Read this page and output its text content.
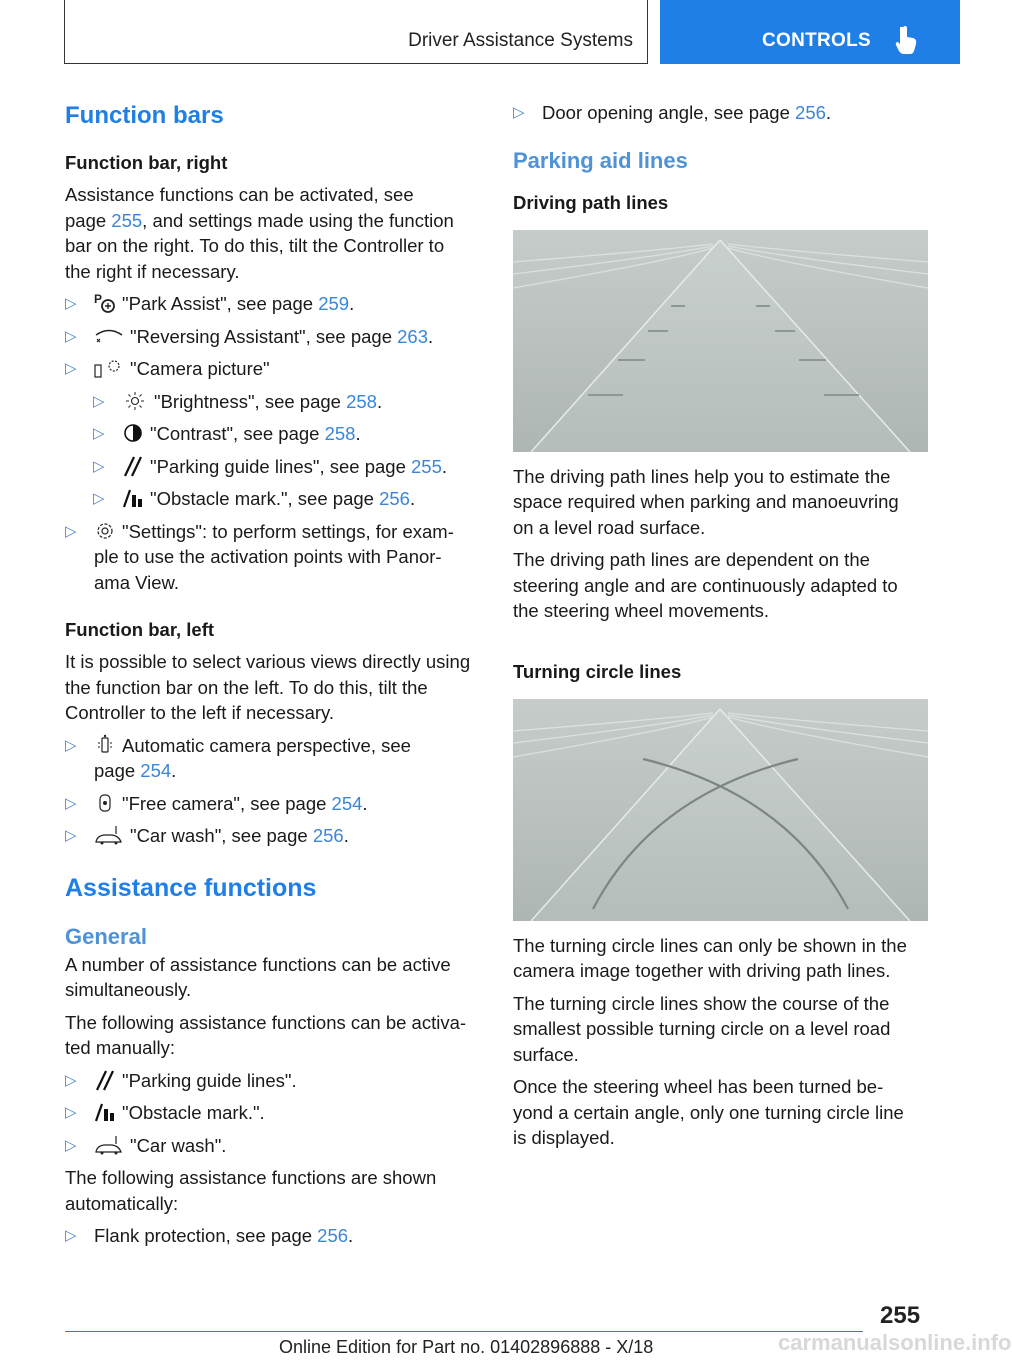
Driver Assistance Systems	CONTROLS
Function bars
Function bar, right

Assistance functions can be activated, see
page 255, and settings made using the function
bar on the right. To do this, tilt the Controller to
the right if necessary.

▷ P "Park Assist", see page 259.
▷	"Reversing Assistant", see page 263.
▷	"Camera picture"
▷	"Brightness", see page 258.
▷ "Contrast", see page 258.
▷ "Parking guide lines", see page 255.
▷ "Obstacle mark.", see page 256.
▷ "Settings": to perform settings, for exam-
ple to use the activation points with Panor-
ama View.
Function bar, left

It is possible to select various views directly using
the function bar on the left. To do this, tilt the
Controller to the left if necessary.

▷ Automatic camera perspective, see
page 254.
▷ "Free camera", see page 254.
▷	"Car wash", see page 256.
Assistance functions
General

A number of assistance functions can be active
simultaneously.

The following assistance functions can be activa-
ted manually:

▷ "Parking guide lines".
▷ "Obstacle mark.".
▷	"Car wash".

The following assistance functions are shown
automatically:

▷ Flank protection, see page 256.
▷ Door opening angle, see page 256.
Parking aid lines
Driving path lines

The driving path lines help you to estimate the
space required when parking and manoeuvring
on a level road surface.

The driving path lines are dependent on the
steering angle and are continuously adapted to
the steering wheel movements.

Turning circle lines

The turning circle lines can only be shown in the
camera image together with driving path lines.

The turning circle lines show the course of the
smallest possible turning circle on a level road
surface.

Once the steering wheel has been turned be-
yond a certain angle, only one turning circle line
is displayed.

255
carmanualsonline.info
Online Edition for Part no. 01402896888 - X/18
